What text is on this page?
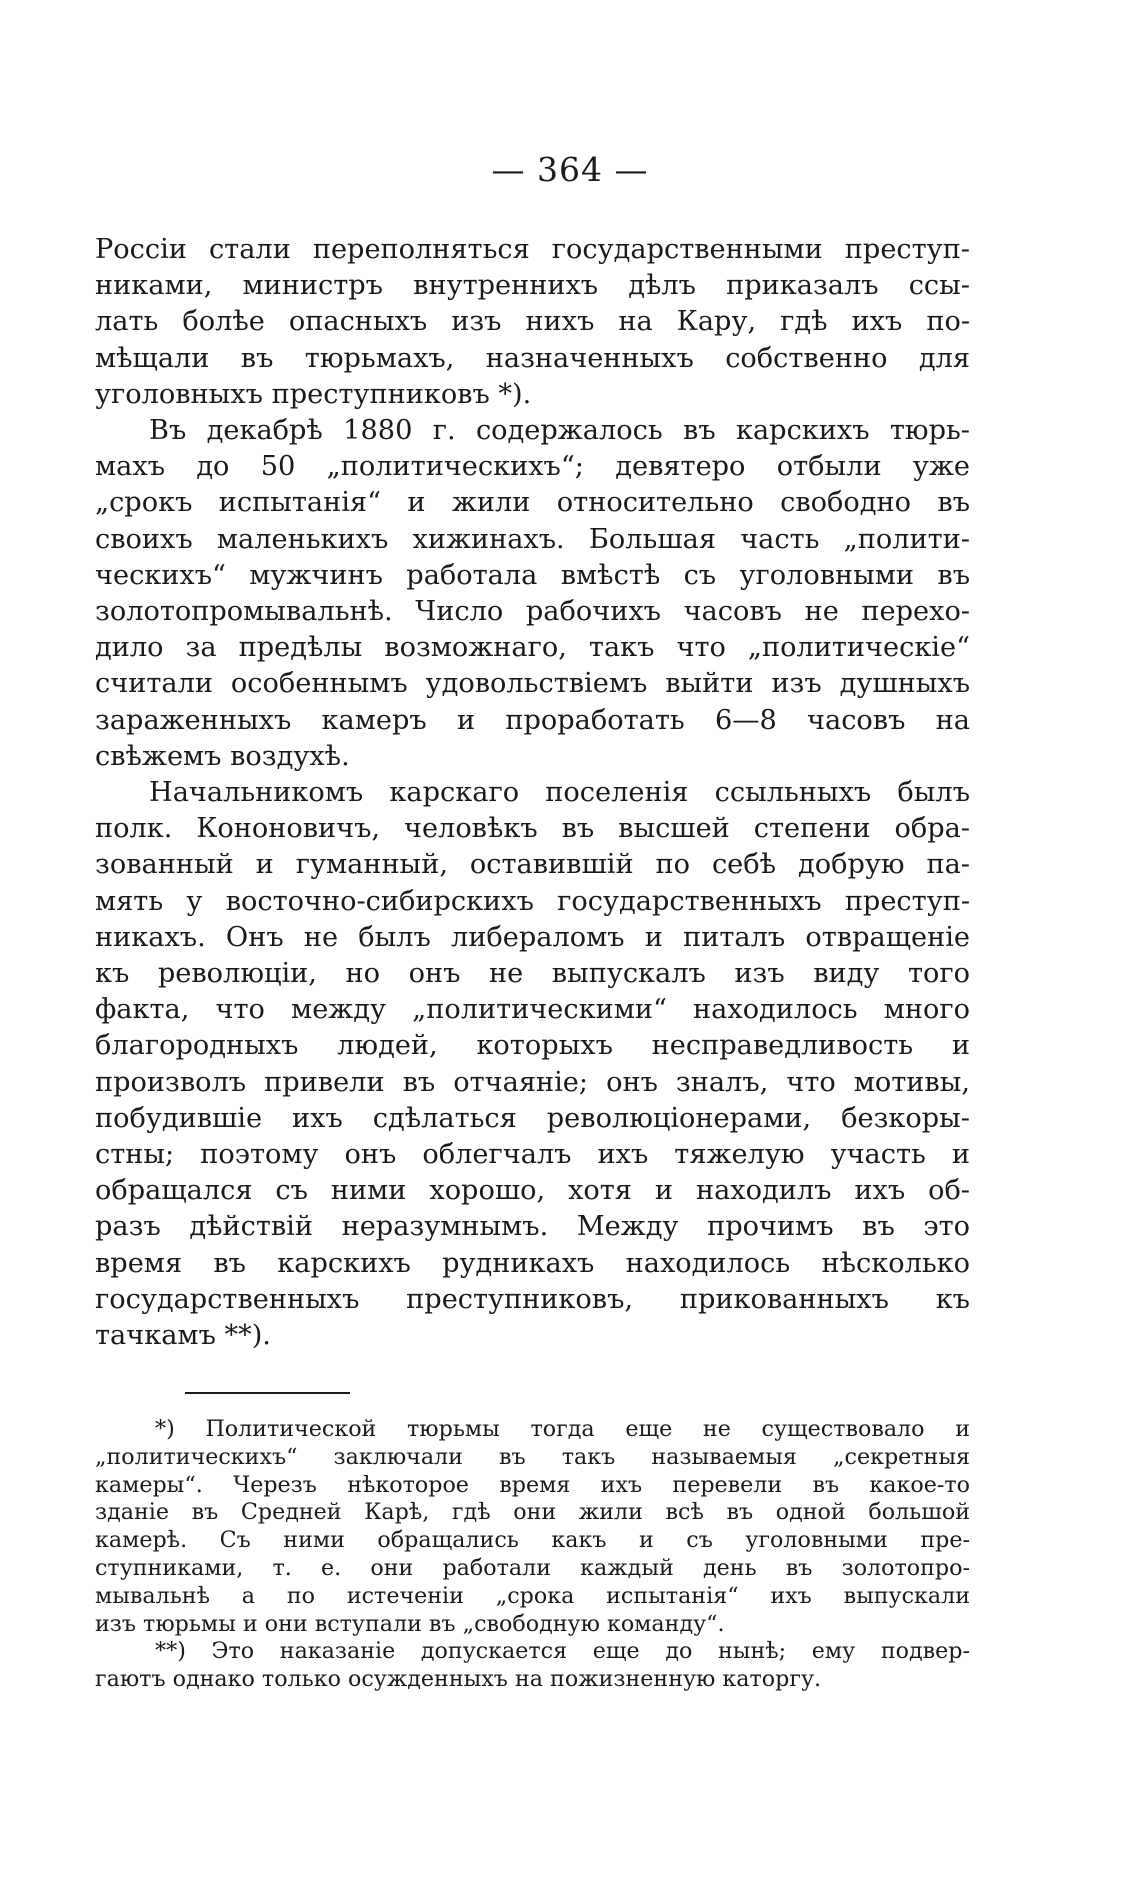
— 364 —
Россіи стали переполняться государственными преступ-
никами, министръ внутреннихъ дѣлъ приказалъ ссы-
лать болѣе опасныхъ изъ нихъ на Кару, гдѣ ихъ по-
мѣщали въ тюрьмахъ, назначенныхъ собственно для
уголовныхъ преступниковъ *).
Въ декабрѣ 1880 г. содержалось въ карскихъ тюрь-
махъ до 50 „политическихъ“; девятеро отбыли уже
„срокъ испытанія“ и жили относительно свободно въ
своихъ маленькихъ хижинахъ. Большая часть „полити-
ческихъ“ мужчинъ работала вмѣстѣ съ уголовными въ
золотопромывальнѣ. Число рабочихъ часовъ не перехо-
дило за предѣлы возможнаго, такъ что „политическіе“
считали особеннымъ удовольствіемъ выйти изъ душныхъ
зараженныхъ камеръ и проработать 6—8 часовъ на
свѣжемъ воздухѣ.
Начальникомъ карскаго поселенія ссыльныхъ былъ
полк. Кононовичъ, человѣкъ въ высшей степени обра-
зованный и гуманный, оставившій по себѣ добрую па-
мять у восточно-сибирскихъ государственныхъ преступ-
никахъ. Онъ не былъ либераломъ и питалъ отвращеніе
къ революціи, но онъ не выпускалъ изъ виду того
факта, что между „политическими“ находилось много
благородныхъ людей, которыхъ несправедливость и
произволъ привели въ отчаяніе; онъ зналъ, что мотивы,
побудившіе ихъ сдѣлаться революціонерами, безкоры-
стны; поэтому онъ облегчалъ ихъ тяжелую участь и
обращался съ ними хорошо, хотя и находилъ ихъ об-
разъ дѣйствій неразумнымъ. Между прочимъ въ это
время въ карскихъ рудникахъ находилось нѣсколько
государственныхъ преступниковъ, прикованныхъ къ
тачкамъ **).
*) Политической тюрьмы тогда еще не существовало и
„политическихъ“ заключали въ такъ называемыя „секретныя
камеры“. Черезъ нѣкоторое время ихъ перевели въ какое-то
зданіе въ Средней Карѣ, гдѣ они жили всѣ въ одной большой
камерѣ. Съ ними обращались какъ и съ уголовными пре-
ступниками, т. е. они работали каждый день въ золотопро-
мывальнѣ а по истеченіи „срока испытанія“ ихъ выпускали
изъ тюрьмы и они вступали въ „свободную команду“.
**) Это наказаніе допускается еще до нынѣ; ему подвер-
гаютъ однако только осужденныхъ на пожизненную каторгу.
